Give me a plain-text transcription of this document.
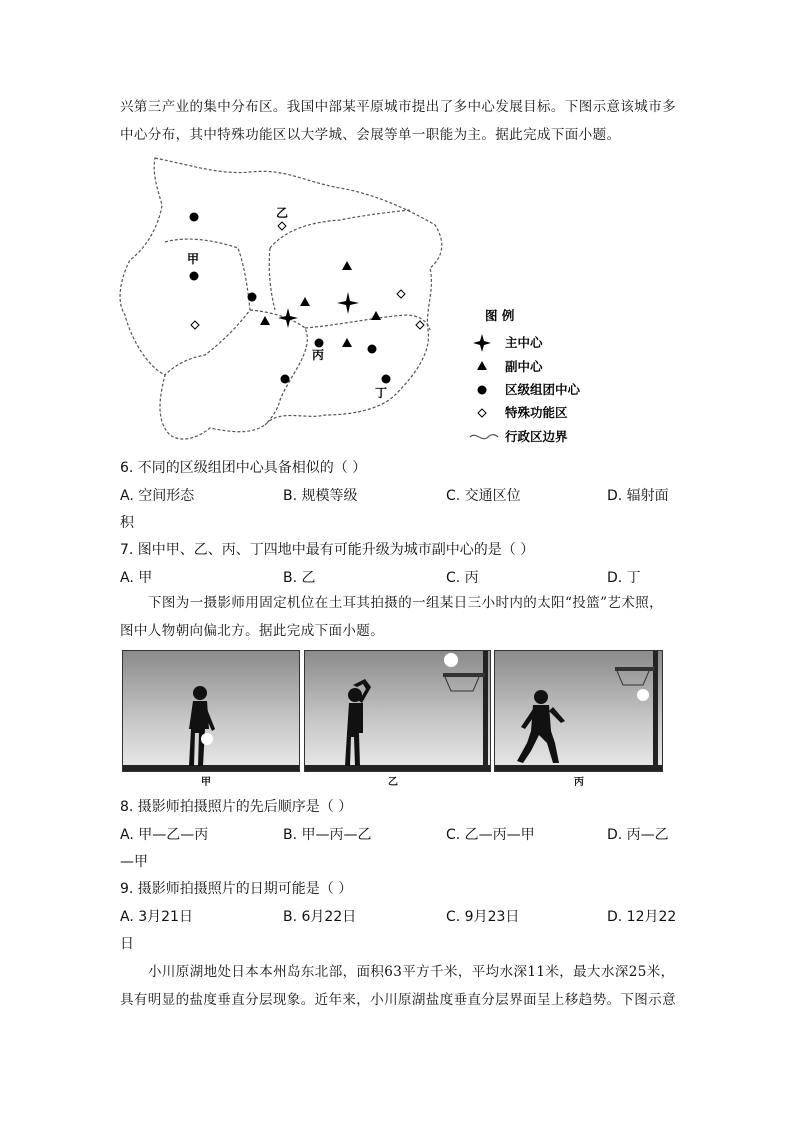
兴第三产业的集中分布区。我国中部某平原城市提出了多中心发展目标。下图示意该城市多
中心分布，其中特殊功能区以大学城、会展等单一职能为主。据此完成下面小题。
乙
甲
丙
丁
图 例
主中心
副中心
区级组团中心
特殊功能区
行政区边界
6. 不同的区级组团中心具备相似的（ ）
A. 空间形态	B. 规模等级	C. 交通区位	D. 辐射面
积
7. 图中甲、乙、丙、丁四地中最有可能升级为城市副中心的是（ ）
A. 甲	B. 乙	C. 丙	D. 丁
下图为一摄影师用固定机位在土耳其拍摄的一组某日三小时内的太阳“投篮”艺术照，
图中人物朝向偏北方。据此完成下面小题。
甲	乙	丙
8. 摄影师拍摄照片的先后顺序是（ ）
A. 甲—乙—丙	B. 甲—丙—乙	C. 乙—丙—甲	D. 丙—乙
—甲
9. 摄影师拍摄照片的日期可能是（ ）
A. 3月21日	B. 6月22日	C. 9月23日	D. 12月22
日
小川原湖地处日本本州岛东北部，面积63平方千米，平均水深11米，最大水深25米，
具有明显的盐度垂直分层现象。近年来，小川原湖盐度垂直分层界面呈上移趋势。下图示意
